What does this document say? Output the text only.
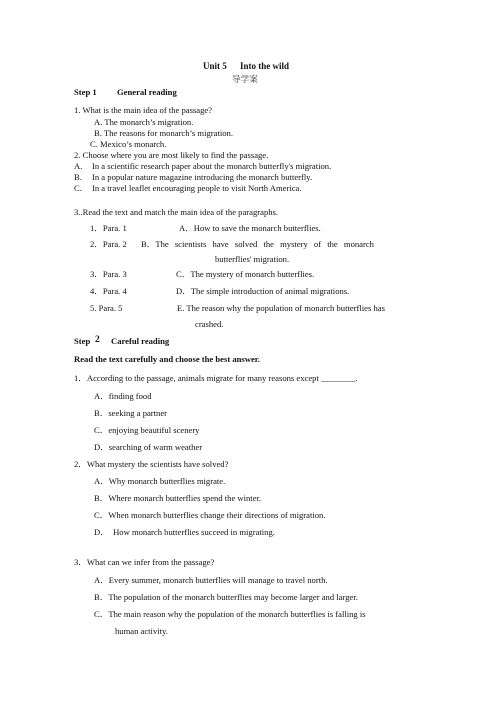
Unit 5 Into the wild
导学案
Step 1 General reading
1. What is the main idea of the passage?
A. The monarch’s migration.
B. The reasons for monarch’s migration.
C. Mexico’s monarch.
2. Choose where you are most likely to find the passage.
A. In a scientific research paper about the monarch butterfly's migration.
B. In a popular nature magazine introducing the monarch butterfly.
C. In a travel leaflet encouraging people to visit North America.
3..Read the text and match the main idea of the paragraphs.
1．Para. 1
2．Para. 2
3．Para. 3
4．Para. 4
5. Para. 5
A．How to save the monarch butterflies.
B．The scientists have solved the mystery of the monarch
butterflies' migration.
C．The mystery of monarch butterflies.
D．The simple introduction of animal migrations.
E. The reason why the population of monarch butterflies has
crashed.
Step 2 Careful reading
Read the text carefully and choose the best answer.
1．According to the passage, animals migrate for many reasons except ________.
A．finding food
B．seeking a partner
C．enjoying beautiful scenery
D．searching of warm weather
2．What mystery the scientists have solved?
A．Why monarch butterflies migrate.
B．Where monarch butterflies spend the winter.
C．When monarch butterflies change their directions of migration.
D．  How monarch butterflies succeed in migrating.
3．What can we infer from the passage?
A．Every summer, monarch butterflies will manage to travel north.
B．The population of the monarch butterflies may become larger and larger.
C．The main reason why the population of the monarch butterflies is falling is
human activity.
